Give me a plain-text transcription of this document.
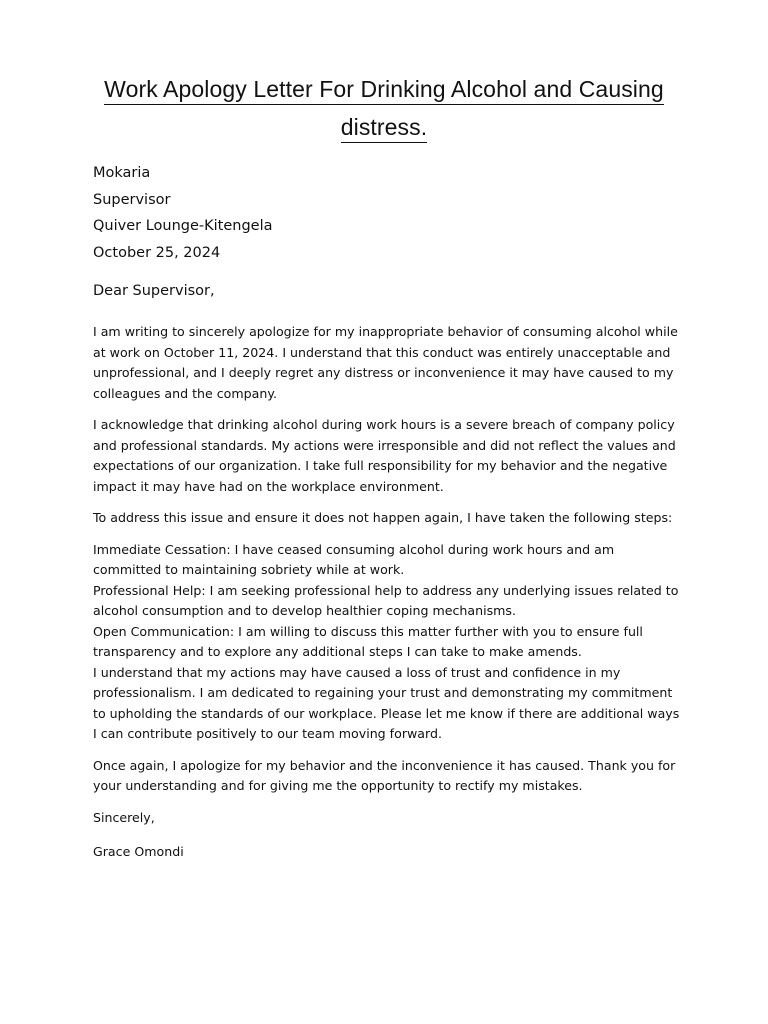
Work Apology Letter For Drinking Alcohol and Causing
distress.
Mokaria
Supervisor
Quiver Lounge-Kitengela
October 25, 2024
Dear Supervisor,

I am writing to sincerely apologize for my inappropriate behavior of consuming alcohol while at work on October 11, 2024. I understand that this conduct was entirely unacceptable and unprofessional, and I deeply regret any distress or inconvenience it may have caused to my colleagues and the company.

I acknowledge that drinking alcohol during work hours is a severe breach of company policy and professional standards. My actions were irresponsible and did not reflect the values and expectations of our organization. I take full responsibility for my behavior and the negative impact it may have had on the workplace environment.

To address this issue and ensure it does not happen again, I have taken the following steps:

Immediate Cessation: I have ceased consuming alcohol during work hours and am committed to maintaining sobriety while at work.

Professional Help: I am seeking professional help to address any underlying issues related to alcohol consumption and to develop healthier coping mechanisms.

Open Communication: I am willing to discuss this matter further with you to ensure full transparency and to explore any additional steps I can take to make amends.

I understand that my actions may have caused a loss of trust and confidence in my professionalism. I am dedicated to regaining your trust and demonstrating my commitment to upholding the standards of our workplace. Please let me know if there are additional ways I can contribute positively to our team moving forward.

Once again, I apologize for my behavior and the inconvenience it has caused. Thank you for your understanding and for giving me the opportunity to rectify my mistakes.

Sincerely,

Grace Omondi
